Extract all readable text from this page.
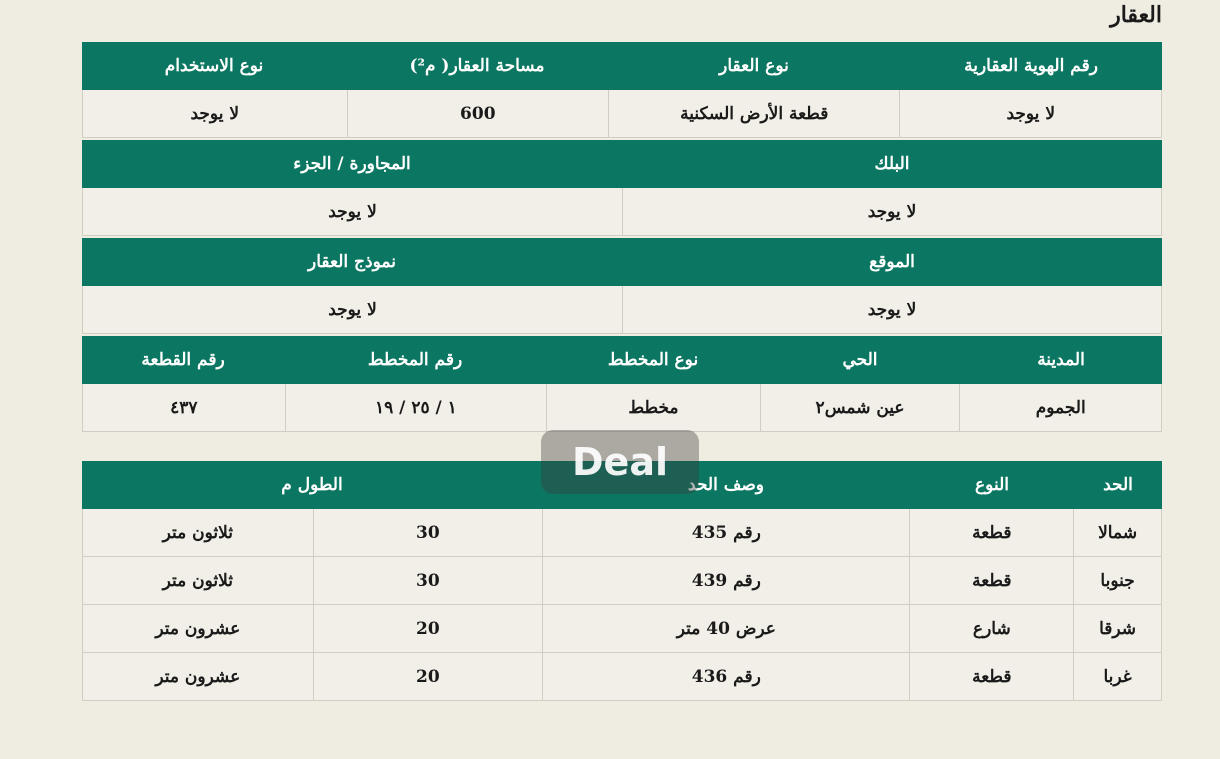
العقار
رقم الهوية العقارية
نوع العقار
مساحة العقار( م²)
نوع الاستخدام
لا يوجد
قطعة الأرض السكنية
600
لا يوجد
البلك
المجاورة / الجزء
لا يوجد
لا يوجد
الموقع
نموذج العقار
لا يوجد
لا يوجد
المدينة
الحي
نوع المخطط
رقم المخطط
رقم القطعة
الجموم
عين شمس٢
مخطط
١ / ٢٥ / ١٩
٤٣٧
الحد
النوع
وصف الحد
الطول م
شمالا
قطعة
رقم 435
30
ثلاثون متر
جنوبا
قطعة
رقم 439
30
ثلاثون متر
شرقا
شارع
عرض 40 متر
20
عشرون متر
غربا
قطعة
رقم 436
20
عشرون متر
Deal
